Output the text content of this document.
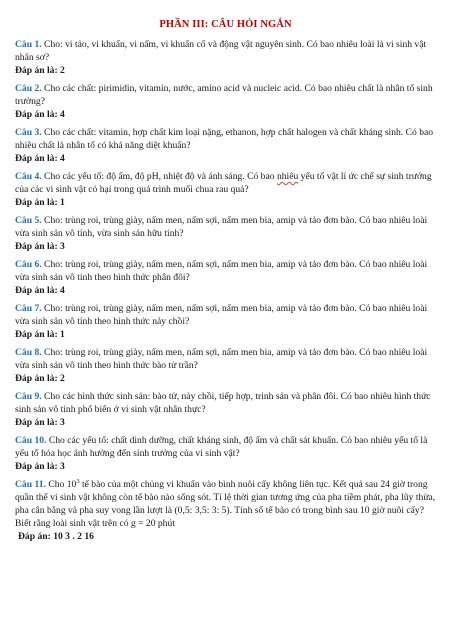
PHẦN III: CÂU HỎI NGẮN

Câu 1. Cho: vi tảo, vi khuẩn, vi nấm, vi khuẩn cổ và động vật nguyên sinh. Có bao nhiêu loài là vi sinh vật nhân sơ?

Đáp án là: 2

Câu 2. Cho các chất: pirimidin, vitamin, nước, amino acid và nucleic acid. Có bao nhiêu chất là nhân tố sinh trưởng?

Đáp án là: 4

Câu 3. Cho các chất: vitamin, hợp chất kim loại nặng, ethanon, hợp chất halogen và chất kháng sinh. Có bao nhiêu chất là nhân tố có khả năng diệt khuẩn?

Đáp án là: 4

Câu 4. Cho các yếu tố: độ ẩm, độ pH, nhiệt độ và ánh sáng. Có bao nhiêu yếu tố vật lí ức chế sự sinh trưởng của các vi sinh vật có hại trong quá trình muối chua rau quả?

Đáp án là: 1

Câu 5. Cho: trùng roi, trùng giày, nấm men, nấm sợi, nấm men bia, amip và tảo đơn bào. Có bao nhiêu loài vừa sinh sản vô tính, vừa sinh sản hữu tính?

Đáp án là: 3

Câu 6. Cho: trùng roi, trùng giày, nấm men, nấm sợi, nấm men bia, amip và tảo đơn bào. Có bao nhiêu loài vừa sinh sản vô tính theo hình thức phân đôi?

Đáp án là: 4

Câu 7. Cho: trùng roi, trùng giày, nấm men, nấm sợi, nấm men bia, amip và tảo đơn bào. Có bao nhiêu loài vừa sinh sản vô tính theo hình thức nảy chồi?

Đáp án là: 1

Câu 8. Cho: trùng roi, trùng giày, nấm men, nấm sợi, nấm men bia, amip và tảo đơn bào. Có bao nhiêu loài vừa sinh sản vô tính theo hình thức bào tử trần?

Đáp án là: 2

Câu 9. Cho các hình thức sinh sản: bào tử, nảy chồi, tiếp hợp, trinh sản và phân đôi. Có bao nhiêu hình thức sinh sản vô tính phổ biến ở vi sinh vật nhân thực?

Đáp án là: 3

Câu 10. Cho các yếu tố: chất dinh dưỡng, chất kháng sinh, độ ẩm và chất sát khuẩn. Có bao nhiêu yếu tố là yếu tố hóa học ảnh hưởng đến sinh trưởng của vi sinh vật?

Đáp án là: 3

Câu 11. Cho $10^3$ tế bào của một chủng vi khuẩn vào bình nuôi cấy không liên tục. Kết quả sau 24 giờ trong quần thể vi sinh vật không còn tế bào nào sống sót. Tỉ lệ thời gian tương ứng của pha tiềm phát, pha lũy thừa, pha cân bằng và pha suy vong lần lượt là (0,5: 3,5: 3: 5). Tính số tế bào có trong bình sau 10 giờ nuôi cấy? Biết rằng loài sinh vật trên có g = 20 phút

Đáp án: 10 3 . 2 16
